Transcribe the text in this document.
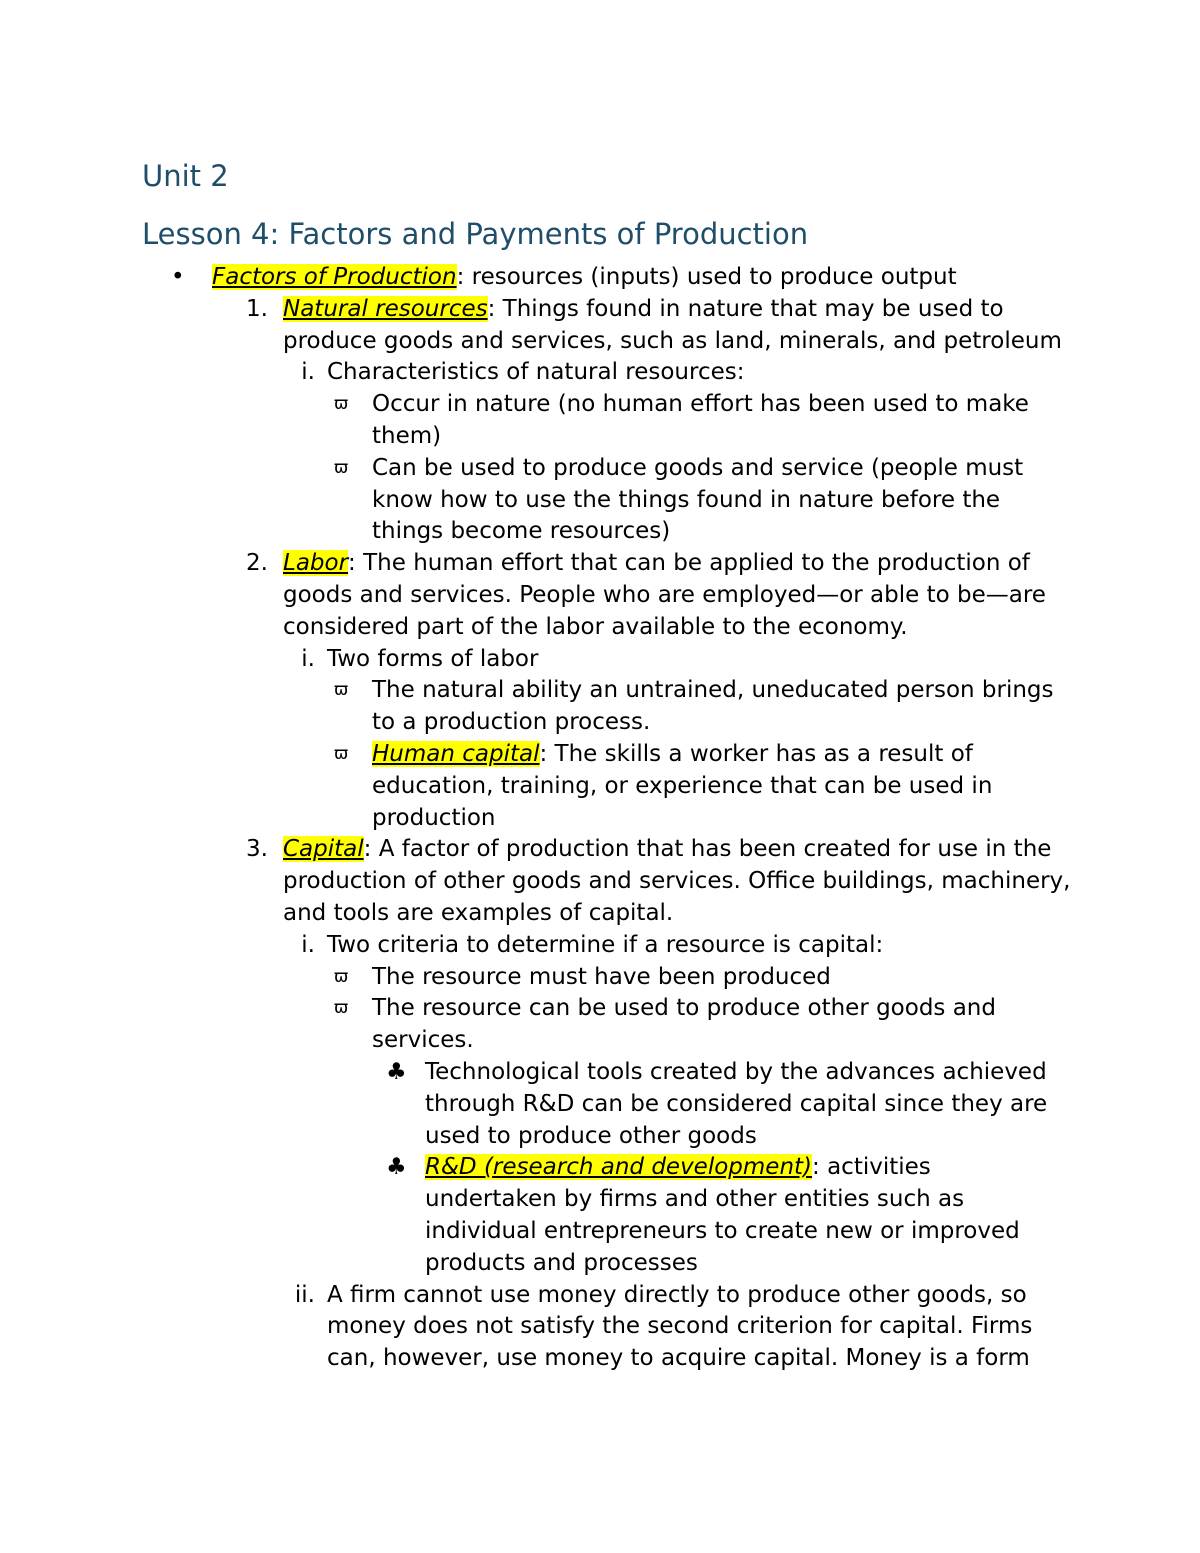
Unit 2
Lesson 4: Factors and Payments of Production
• Factors of Production: resources (inputs) used to produce output
1. Natural resources: Things found in nature that may be used to produce goods and services, such as land, minerals, and petroleum
i. Characteristics of natural resources:
ϖ Occur in nature (no human effort has been used to make them)
ϖ Can be used to produce goods and service (people must know how to use the things found in nature before the things become resources)
2. Labor: The human effort that can be applied to the production of goods and services. People who are employed—or able to be—are considered part of the labor available to the economy.
i. Two forms of labor
ϖ The natural ability an untrained, uneducated person brings to a production process.
ϖ Human capital: The skills a worker has as a result of education, training, or experience that can be used in production
3. Capital: A factor of production that has been created for use in the production of other goods and services. Office buildings, machinery, and tools are examples of capital.
i. Two criteria to determine if a resource is capital:
ϖ The resource must have been produced
ϖ The resource can be used to produce other goods and services.
♣ Technological tools created by the advances achieved through R&D can be considered capital since they are used to produce other goods
♣ R&D (research and development): activities undertaken by firms and other entities such as individual entrepreneurs to create new or improved products and processes
ii. A firm cannot use money directly to produce other goods, so money does not satisfy the second criterion for capital. Firms can, however, use money to acquire capital. Money is a form
